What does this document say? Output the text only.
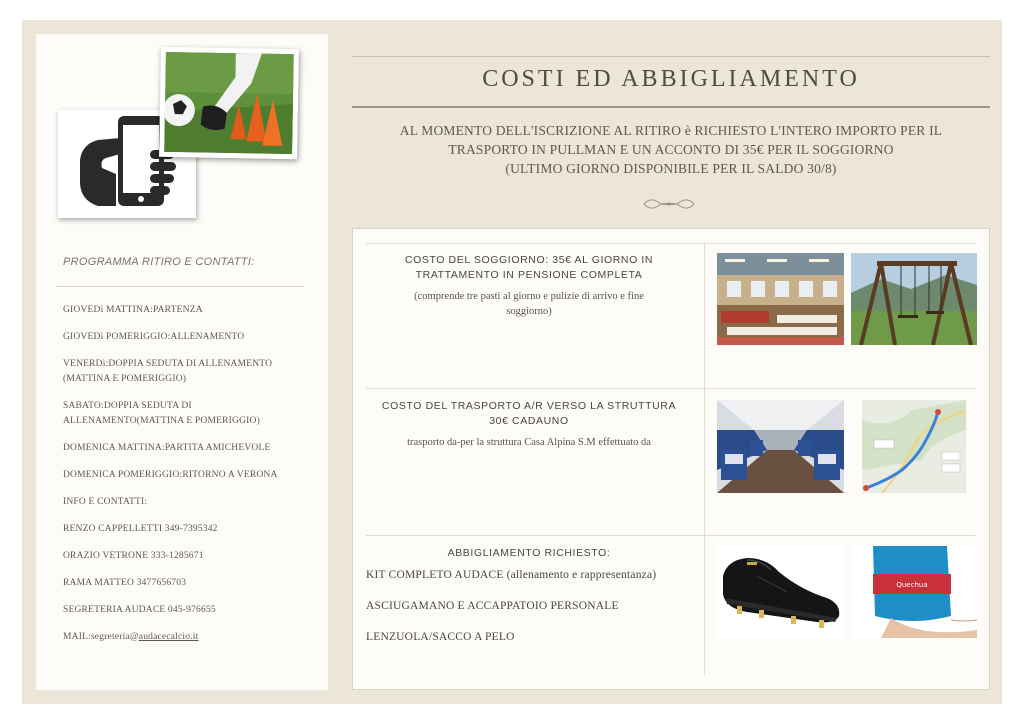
PROGRAMMA RITIRO E CONTATTI:
GIOVEDì MATTINA:PARTENZA
GIOVEDì POMERIGGIO:ALLENAMENTO
VENERDì:DOPPIA SEDUTA DI ALLENAMENTO (MATTINA E POMERIGGIO)
SABATO:DOPPIA SEDUTA DI ALLENAMENTO(MATTINA E POMERIGGIO)
DOMENICA MATTINA:PARTITA AMICHEVOLE
DOMENICA POMERIGGIO:RITORNO A VERONA
INFO E CONTATTI:
RENZO CAPPELLETTI 349-7395342
ORAZIO VETRONE 333-1285671
RAMA MATTEO 3477656703
SEGRETERIA AUDACE 045-976655
MAIL:segreteria@audacecalcio.it
COSTI ED ABBIGLIAMENTO
AL MOMENTO DELL'ISCRIZIONE AL RITIRO è RICHIESTO L'INTERO IMPORTO PER IL
TRASPORTO IN PULLMAN E UN ACCONTO DI 35€ PER IL SOGGIORNO
(ULTIMO GIORNO DISPONIBILE PER IL SALDO 30/8)
COSTO DEL SOGGIORNO: 35€ AL GIORNO IN
TRATTAMENTO IN PENSIONE COMPLETA
(comprende tre pasti al giorno e pulizie di arrivo e fine
soggiorno)
COSTO DEL TRASPORTO A/R VERSO LA STRUTTURA
30€ CADAUNO
trasporto da-per la struttura Casa Alpina S.M effettuato da
ABBIGLIAMENTO RICHIESTO:
KIT COMPLETO AUDACE (allenamento e rappresentanza)
ASCIUGAMANO E ACCAPPATOIO PERSONALE
LENZUOLA/SACCO A PELO
Quechua
